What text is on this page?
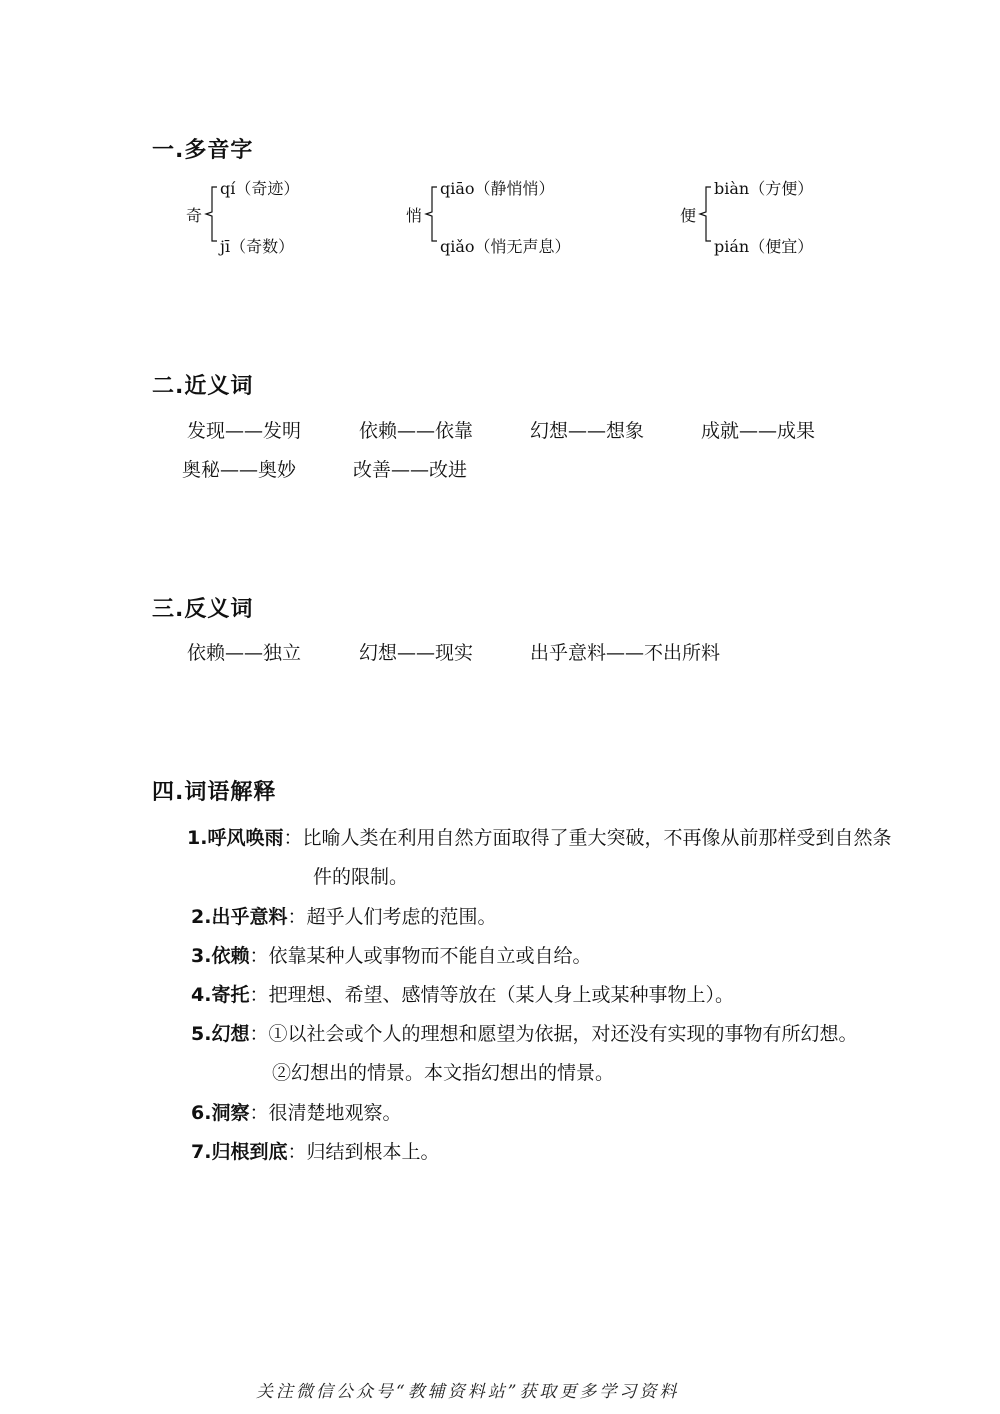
一.多音字
奇
qí（奇迹）
jī（奇数）
悄
qiāo（静悄悄）
qiǎo（悄无声息）
便
biàn（方便）
pián（便宜）
二.近义词
发现——发明	依赖——依靠	幻想——想象	成就——成果
奥秘——奥妙	改善——改进
三.反义词
依赖——独立	幻想——现实	出乎意料——不出所料
四.词语解释
1.呼风唤雨：比喻人类在利用自然方面取得了重大突破，不再像从前那样受到自然条
件的限制。
2.出乎意料：超乎人们考虑的范围。
3.依赖：依靠某种人或事物而不能自立或自给。
4.寄托：把理想、希望、感情等放在（某人身上或某种事物上）。
5.幻想：①以社会或个人的理想和愿望为依据，对还没有实现的事物有所幻想。
②幻想出的情景。本文指幻想出的情景。
6.洞察：很清楚地观察。
7.归根到底：归结到根本上。
关注微信公众号“教辅资料站”获取更多学习资料
